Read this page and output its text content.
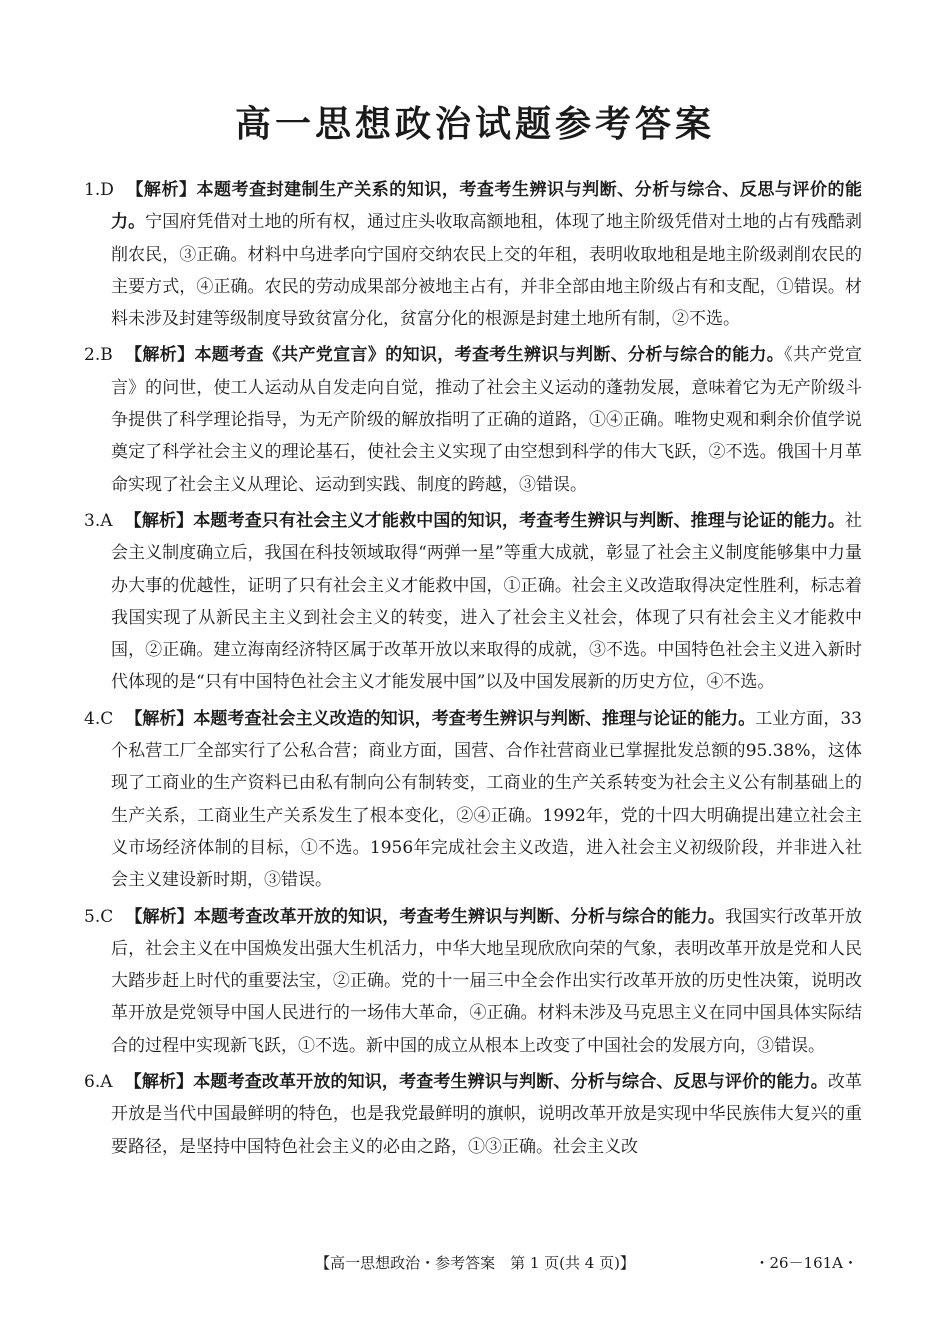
高一思想政治试题参考答案
1.D 【解析】本题考查封建制生产关系的知识，考查考生辨识与判断、分析与综合、反思与评价的能力。宁国府凭借对土地的所有权，通过庄头收取高额地租，体现了地主阶级凭借对土地的占有残酷剥削农民，③正确。材料中乌进孝向宁国府交纳农民上交的年租，表明收取地租是地主阶级剥削农民的主要方式，④正确。农民的劳动成果部分被地主占有，并非全部由地主阶级占有和支配，①错误。材料未涉及封建等级制度导致贫富分化，贫富分化的根源是封建土地所有制，②不选。
2.B 【解析】本题考查《共产党宣言》的知识，考查考生辨识与判断、分析与综合的能力。《共产党宣言》的问世，使工人运动从自发走向自觉，推动了社会主义运动的蓬勃发展，意味着它为无产阶级斗争提供了科学理论指导，为无产阶级的解放指明了正确的道路，①④正确。唯物史观和剩余价值学说奠定了科学社会主义的理论基石，使社会主义实现了由空想到科学的伟大飞跃，②不选。俄国十月革命实现了社会主义从理论、运动到实践、制度的跨越，③错误。
3.A 【解析】本题考查只有社会主义才能救中国的知识，考查考生辨识与判断、推理与论证的能力。社会主义制度确立后，我国在科技领域取得“两弹一星”等重大成就，彰显了社会主义制度能够集中力量办大事的优越性，证明了只有社会主义才能救中国，①正确。社会主义改造取得决定性胜利，标志着我国实现了从新民主主义到社会主义的转变，进入了社会主义社会，体现了只有社会主义才能救中国，②正确。建立海南经济特区属于改革开放以来取得的成就，③不选。中国特色社会主义进入新时代体现的是“只有中国特色社会主义才能发展中国”以及中国发展新的历史方位，④不选。
4.C 【解析】本题考查社会主义改造的知识，考查考生辨识与判断、推理与论证的能力。工业方面，33个私营工厂全部实行了公私合营；商业方面，国营、合作社营商业已掌握批发总额的95.38%，这体现了工商业的生产资料已由私有制向公有制转变，工商业的生产关系转变为社会主义公有制基础上的生产关系，工商业生产关系发生了根本变化，②④正确。1992年，党的十四大明确提出建立社会主义市场经济体制的目标，①不选。1956年完成社会主义改造，进入社会主义初级阶段，并非进入社会主义建设新时期，③错误。
5.C 【解析】本题考查改革开放的知识，考查考生辨识与判断、分析与综合的能力。我国实行改革开放后，社会主义在中国焕发出强大生机活力，中华大地呈现欣欣向荣的气象，表明改革开放是党和人民大踏步赶上时代的重要法宝，②正确。党的十一届三中全会作出实行改革开放的历史性决策，说明改革开放是党领导中国人民进行的一场伟大革命，④正确。材料未涉及马克思主义在同中国具体实际结合的过程中实现新飞跃，①不选。新中国的成立从根本上改变了中国社会的发展方向，③错误。
6.A 【解析】本题考查改革开放的知识，考查考生辨识与判断、分析与综合、反思与评价的能力。改革开放是当代中国最鲜明的特色，也是我党最鲜明的旗帜，说明改革开放是实现中华民族伟大复兴的重要路径，是坚持中国特色社会主义的必由之路，①③正确。社会主义改
【高一思想政治・参考答案　第 1 页(共 4 页)】	・26－161A・
